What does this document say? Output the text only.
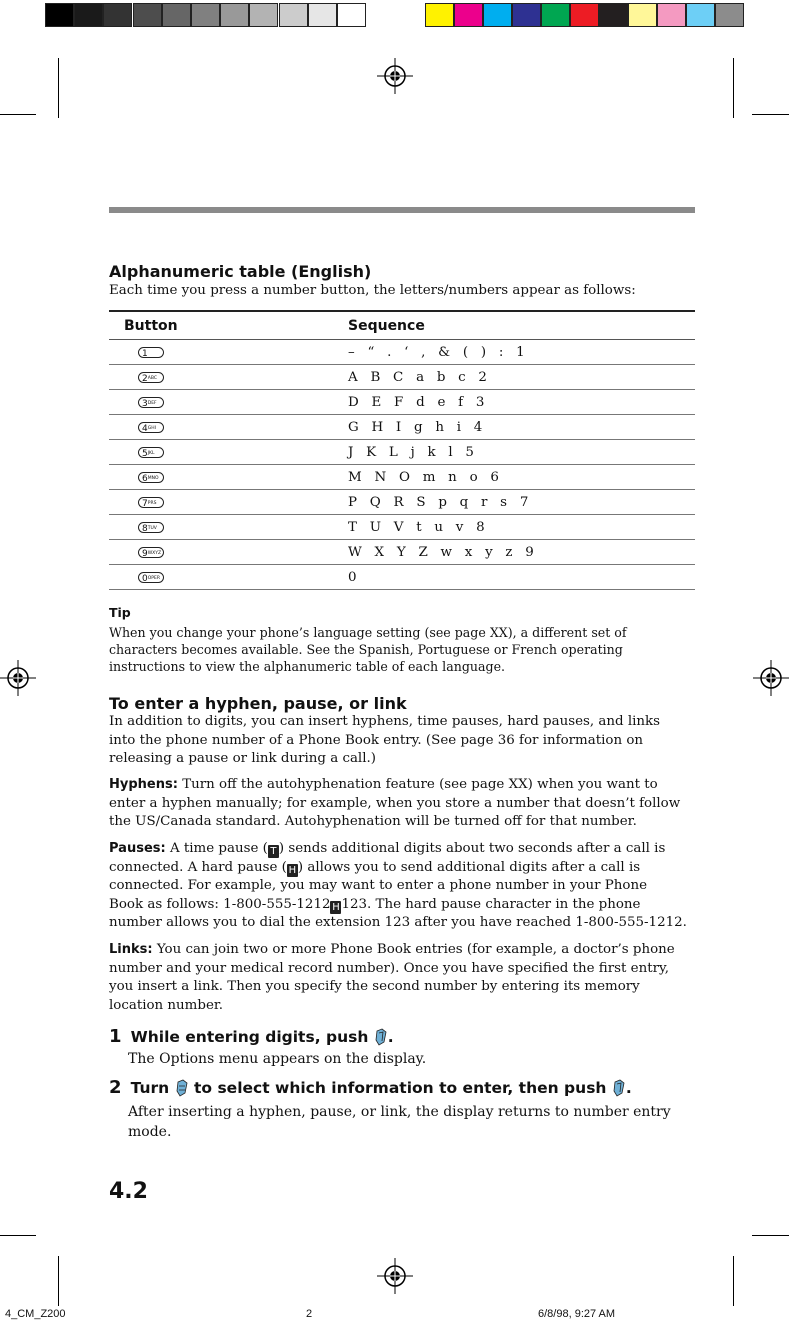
Alphanumeric table (English)
Each time you press a number button, the letters/numbers appear as follows:
Button	Sequence
1	–   “   .   ‘   ,   &   (   )   :   1
2ABC	A   B   C   a   b   c   2
3DEF	D   E   F   d   e   f   3
4GHI	G   H   I   g   h   i   4
5JKL	J   K   L   j   k   l   5
6MNO	M   N   O   m   n   o   6
7PRS	P   Q   R   S   p   q   r   s   7
8TUV	T   U   V   t   u   v   8
9WXYZ	W   X   Y   Z   w   x   y   z   9
0OPER	0
Tip
When you change your phone’s language setting (see page XX), a different set of
characters becomes available. See the Spanish, Portuguese or French operating
instructions to view the alphanumeric table of each language.
To enter a hyphen, pause, or link
In addition to digits, you can insert hyphens, time pauses, hard pauses, and links
into the phone number of a Phone Book entry. (See page 36 for information on
releasing a pause or link during a call.)
Hyphens: Turn off the autohyphenation feature (see page XX) when you want to
enter a hyphen manually; for example, when you store a number that doesn’t follow
the US/Canada standard. Autohyphenation will be turned off for that number.
Pauses: A time pause ( T ) sends additional digits about two seconds after a call is
connected. A hard pause ( H ) allows you to send additional digits after a call is
connected. For example, you may want to enter a phone number in your Phone
Book as follows: 1-800-555-1212 H 123. The hard pause character in the phone
number allows you to dial the extension 123 after you have reached 1-800-555-1212.
Links: You can join two or more Phone Book entries (for example, a doctor’s phone
number and your medical record number). Once you have specified the first entry,
you insert a link. Then you specify the second number by entering its memory
location number.
1 While entering digits, push .
The Options menu appears on the display.
2 Turn  to select which information to enter, then push .
After inserting a hyphen, pause, or link, the display returns to number entry
mode.
4.2
4_CM_Z200	2	6/8/98, 9:27 AM
